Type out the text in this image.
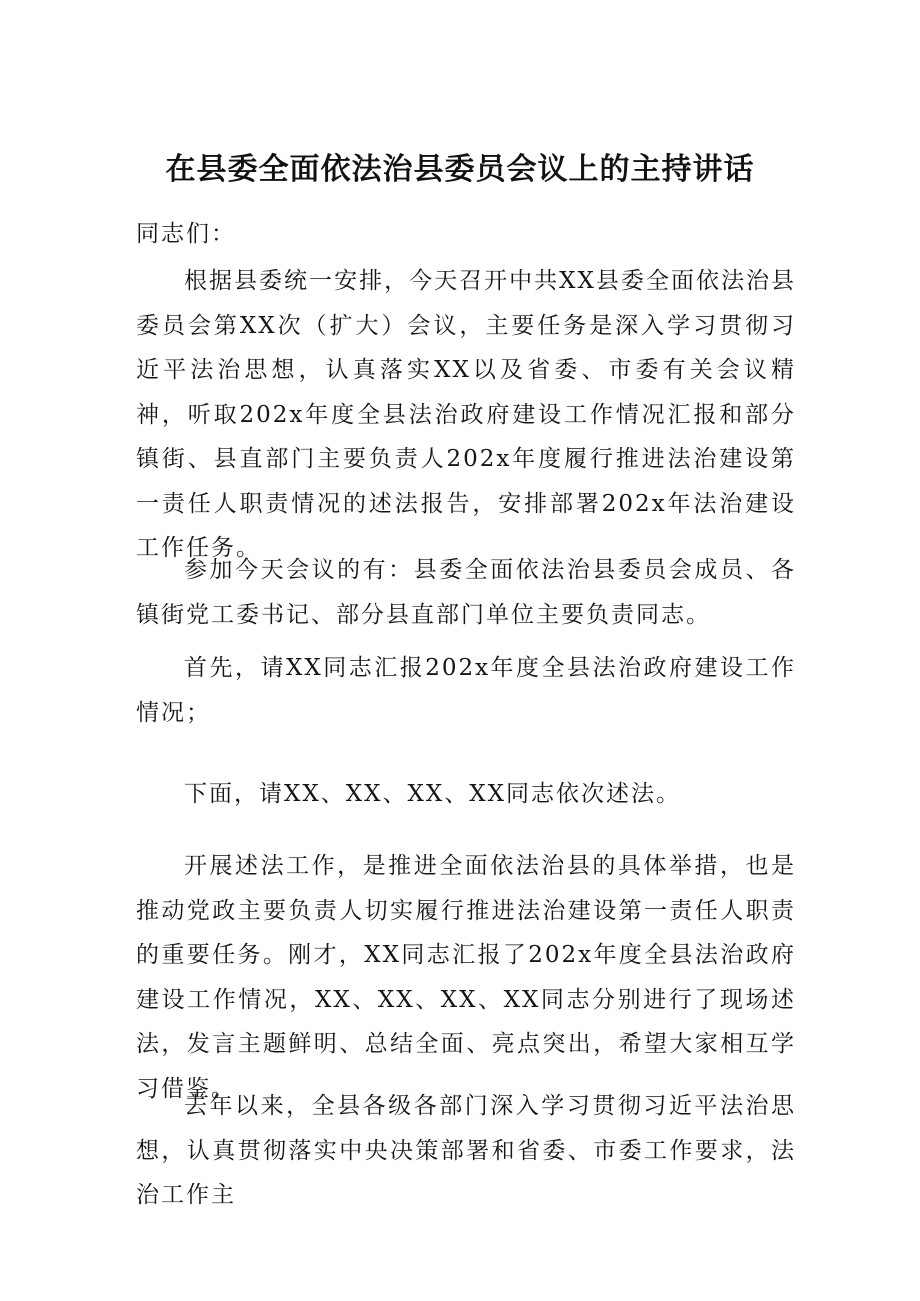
在县委全面依法治县委员会议上的主持讲话

同志们：

根据县委统一安排，今天召开中共XX县委全面依法治县委员会第XX次（扩大）会议，主要任务是深入学习贯彻习近平法治思想，认真落实XX以及省委、市委有关会议精神，听取202x年度全县法治政府建设工作情况汇报和部分镇街、县直部门主要负责人202x年度履行推进法治建设第一责任人职责情况的述法报告，安排部署202x年法治建设工作任务。

参加今天会议的有：县委全面依法治县委员会成员、各镇街党工委书记、部分县直部门单位主要负责同志。

首先，请XX同志汇报202x年度全县法治政府建设工作情况；

下面，请XX、XX、XX、XX同志依次述法。

开展述法工作，是推进全面依法治县的具体举措，也是推动党政主要负责人切实履行推进法治建设第一责任人职责的重要任务。刚才，XX同志汇报了202x年度全县法治政府建设工作情况，XX、XX、XX、XX同志分别进行了现场述法，发言主题鲜明、总结全面、亮点突出，希望大家相互学习借鉴。

去年以来，全县各级各部门深入学习贯彻习近平法治思想，认真贯彻落实中央决策部署和省委、市委工作要求，法治工作主
